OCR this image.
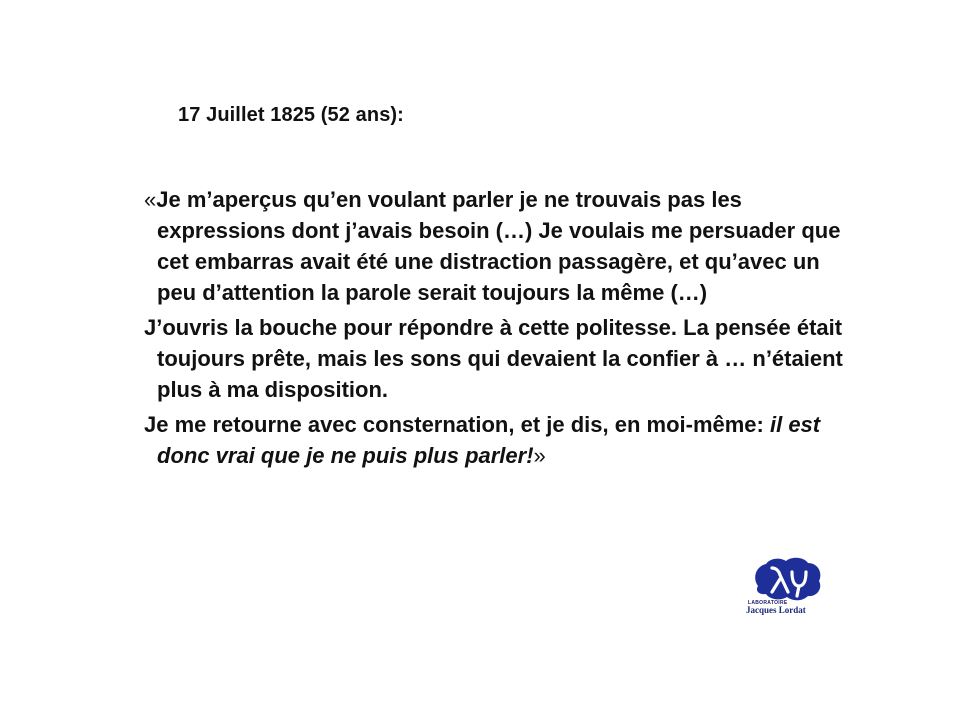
17 Juillet 1825 (52 ans):

«Je m’aperçus qu’en voulant parler je ne trouvais pas les expressions dont j’avais besoin (…) Je voulais me persuader que cet embarras avait été une distraction passagère, et qu’avec un peu d’attention la parole serait toujours la même (…)

J’ouvris la bouche pour répondre à cette politesse. La pensée était toujours prête, mais les sons qui devaient la confier à … n’étaient plus à ma disposition.

Je me retourne avec consternation, et je dis, en moi-même: il est donc vrai que je ne puis plus parler!»

LABORATOIRE
Jacques Lordat
